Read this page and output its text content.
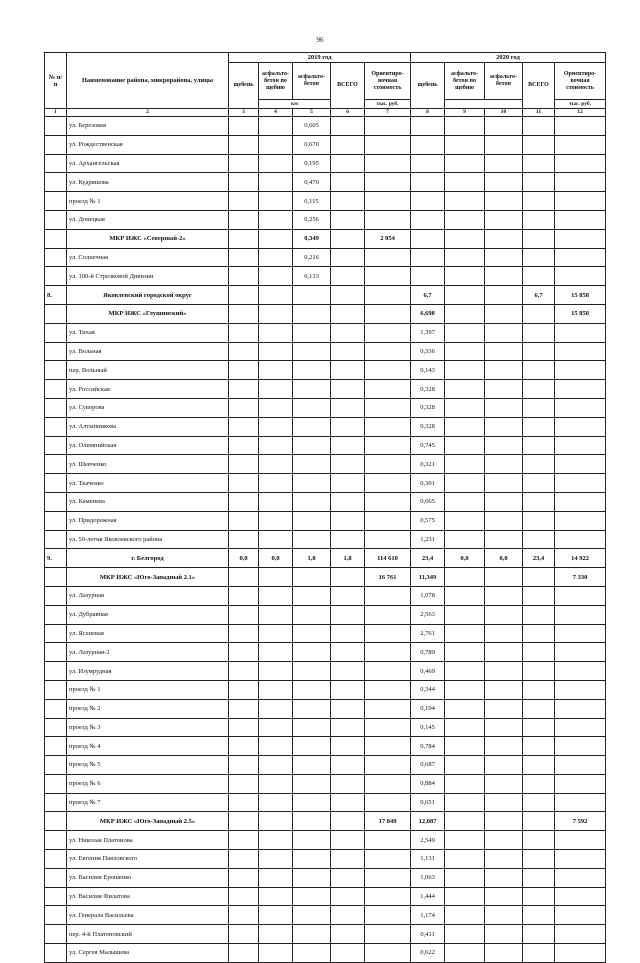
96
№ п/п	Наименование района, микрорайона, улицы	2019 год					2020 год				
		щебень	асфальто-бетон по щебню	асфальто-бетон	ВСЕГО	Ориентиро-вочная стоимость	щебень	асфальто-бетон по щебню	асфальто-бетон	ВСЕГО	Ориентиро-вочная стоимость
			км			тыс. руб.					тыс. руб.
1	2	3	4	5	6	7	8	9	10	11	12
	ул. Березовая			0,605							
	ул. Рождественская			0,670							
	ул. Архангельская			0,195							
	ул. Кудряшова			0,470							
	проезд № 1			0,115							
	ул. Донецкая			0,256							
	МКР ИЖС «Северный-2»			0,349		2 054					
	ул. Солнечная			0,216							
	ул. 100-й Стрелковой Дивизии			0,133							
8.	Яковлевский городской округ						6,7			6,7	15 858
	МКР ИЖС «Глушинский»						6,698				15 858
	ул. Тихая						1,397				
	ул. Вольная						0,336				
	пер. Вольный						0,143				
	ул. Российская						0,328				
	ул. Суворова						0,328				
	ул. Алтынникова						0,328				
	ул. Олимпийская						0,745				
	ул. Шевченко						0,321				
	ул. Ткаченко						0,301				
	ул. Каменева						0,665				
	ул. Придорожная						0,575				
	ул. 50-летия Яковлевского района						1,231				
9.	г. Белгород	0,0	0,0	1,8	1,8	114 610	23,4	0,0	0,0	23,4	14 922
	МКР ИЖС «Юго-Западный 2.1»					16 761	11,349				7 330
	ул. Лазурная						1,078				
	ул. Дубравная						2,563				
	ул. Ясеневая						2,761				
	ул. Лазурная-2						0,789				
	ул. Изумрудная						0,469				
	проезд № 1						0,344				
	проезд № 2						0,194				
	проезд № 3						0,145				
	проезд № 4						0,784				
	проезд № 5						0,687				
	проезд № 6						0,884				
	проезд № 7						0,651				
	МКР ИЖС «Юго-Западный 2.5»					17 849	12,087				7 592
	ул. Николая Платонова						2,549				
	ул. Евгения Павловского						1,131				
	ул. Василия Ерошенко						1,063				
	ул. Василия Филатова						1,444				
	ул. Генерала Васильева						1,174				
	пер. 4-й Платоновский						0,411				
	ул. Сергея Малышева						0,622				
